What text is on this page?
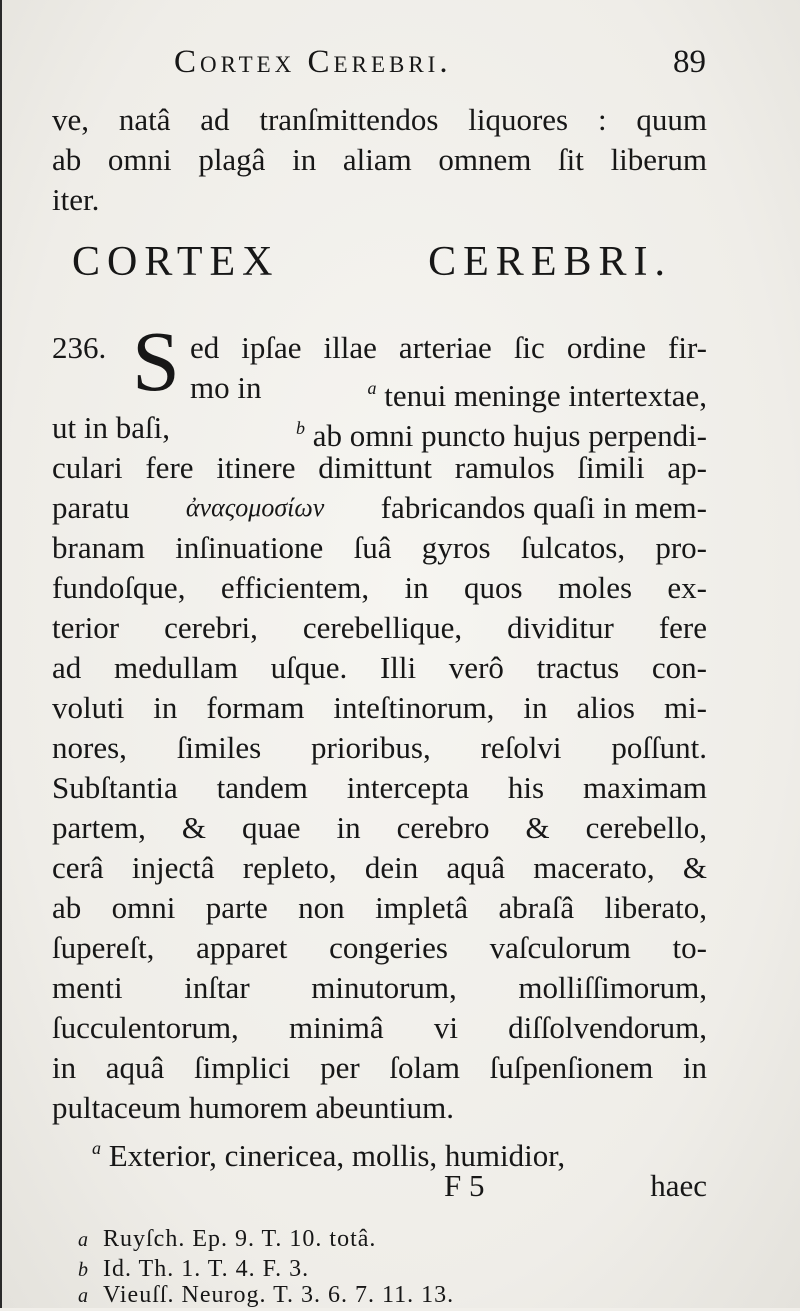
Cortex Cerebri.	89
ve, natâ ad tranſmittendos liquores : quum
ab omni plagâ in aliam omnem ſit liberum
iter.
CORTEX CEREBRI.
236. S ed ipſae illae arteriae ſic ordine fir-
mo in	$^a$ tenui meninge intertextae,
ut in baſi,	$^b$ ab omni puncto hujus perpendi-
culari fere itinere dimittunt ramulos ſimili ap-
paratu ἀναςομοσίων fabricandos quaſi in mem-
branam inſinuatione ſuâ gyros ſulcatos, pro-
fundoſque, efficientem, in quos moles ex-
terior cerebri, cerebellique, dividitur fere
ad medullam uſque. Illi verô tractus con-
voluti in formam inteſtinorum, in alios mi-
nores, ſimiles prioribus, reſolvi poſſunt.
Subſtantia tandem intercepta his maximam
partem, & quae in cerebro & cerebello,
cerâ injectâ repleto, dein aquâ macerato, &
ab omni parte non impletâ abraſâ liberato,
ſupereſt, apparet congeries vaſculorum to-
menti inſtar minutorum, molliſſimorum,
ſucculentorum, minimâ vi diſſolvendorum,
in aquâ ſimplici per ſolam ſuſpenſionem in
pultaceum humorem abeuntium.
$^a$ Exterior, cinericea, mollis, humidior,
F 5	haec
a Ruyſch. Ep. 9. T. 10. totâ.
b Id. Th. 1. T. 4. F. 3.
a Vieuſſ. Neurog. T. 3. 6. 7. 11. 13.
